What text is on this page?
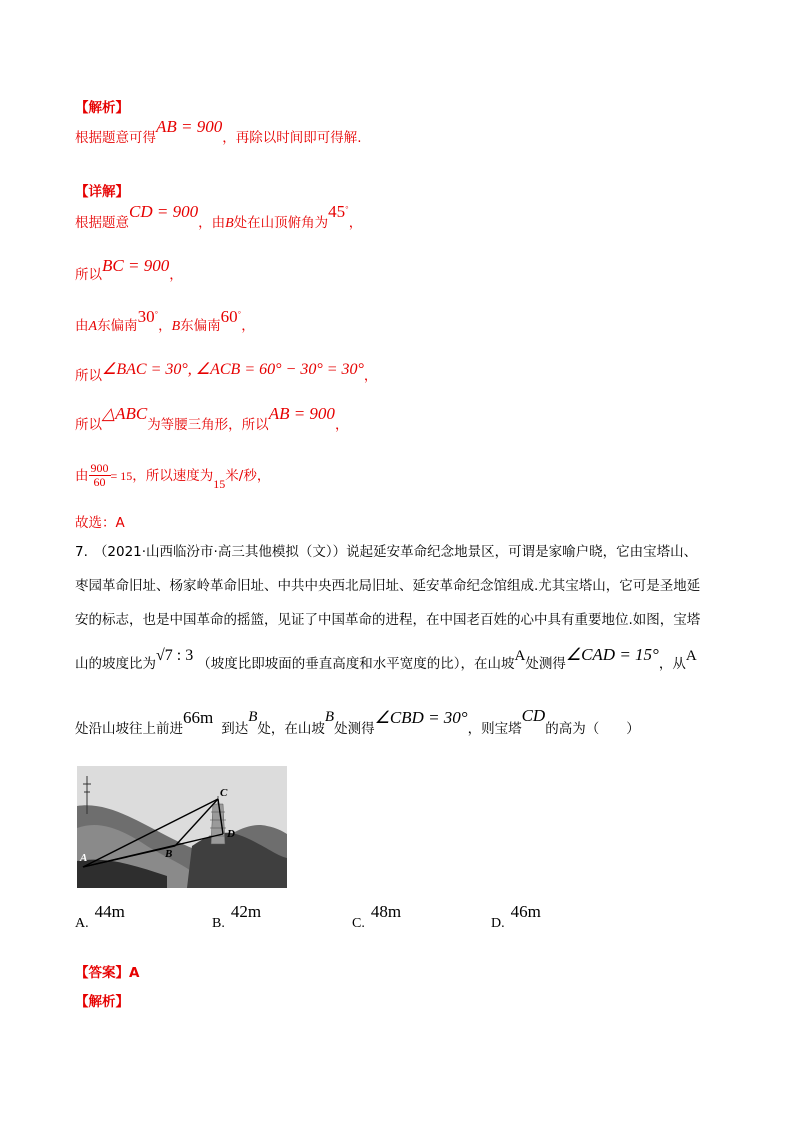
【解析】
根据题意可得AB = 900，再除以时间即可得解.
【详解】
根据题意CD = 900，由B处在山顶俯角为45◦，
所以BC = 900，
由A东偏南30◦，B东偏南60◦，
所以∠BAC = 30°, ∠ACB = 60° − 30° = 30°，
所以△ABC为等腰三角形，所以AB = 900，
由 $\frac{900}{60} = 15$，所以速度为$_{15}$米/秒，
故选：A
7. （2021·山西临汾市·高三其他模拟（文））说起延安革命纪念地景区，可谓是家喻户晓，它由宝塔山、
枣园革命旧址、杨家岭革命旧址、中共中央西北局旧址、延安革命纪念馆组成.尤其宝塔山，它可是圣地延
安的标志，也是中国革命的摇篮，见证了中国革命的进程，在中国老百姓的心中具有重要地位.如图，宝塔
山的坡度比为√7 : 3 （坡度比即坡面的垂直高度和水平宽度的比），在山坡A处测得∠CAD = 15°，从A
处沿山坡往上前进66m到达B处，在山坡B处测得∠CBD = 30°，则宝塔CD的高为（　　）
C
D
B
A
A.44m
B.42m
C.48m
D.46m
【答案】A
【解析】
